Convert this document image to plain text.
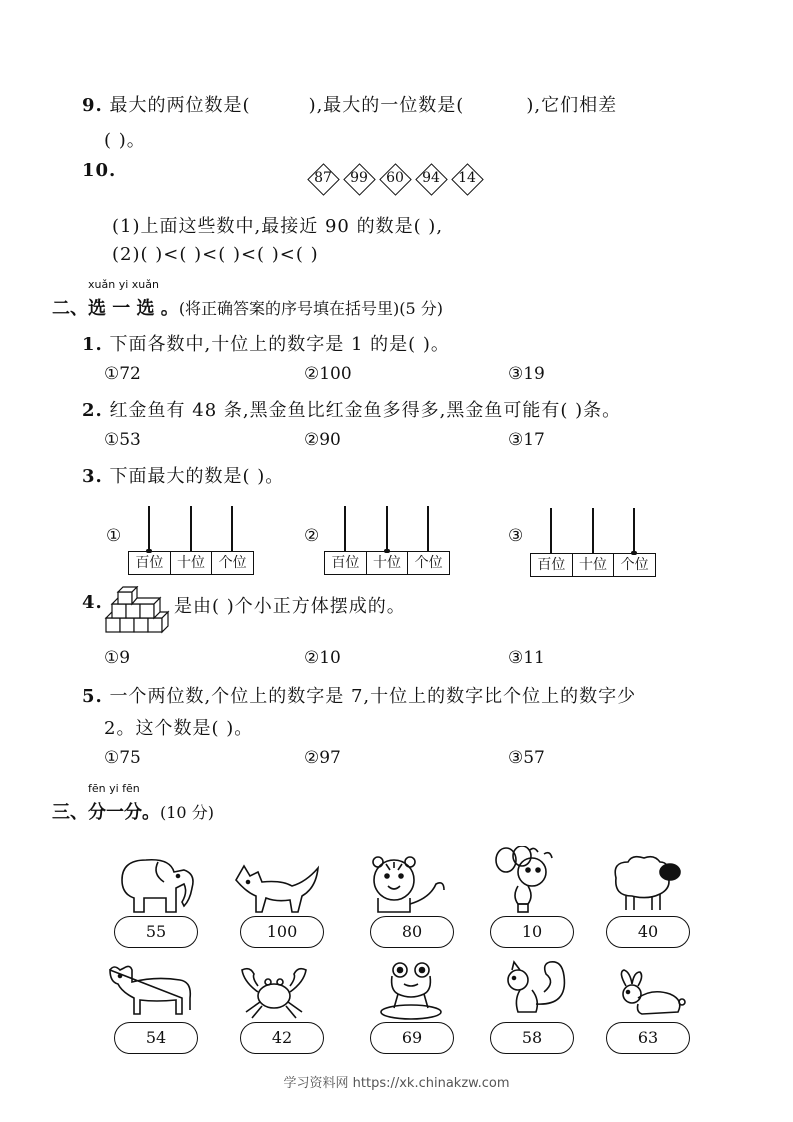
9. 最大的两位数是(	),最大的一位数是(	),它们相差
( )。
10.	87	99	60	94	14
(1)上面这些数中,最接近 90 的数是( ),
(2)( )<( )<( )<( )<( )
xuǎn yi xuǎn
二、选 一 选 。(将正确答案的序号填在括号里)(5 分)
1. 下面各数中,十位上的数字是 1 的是( )。
①72	②100	③19
2. 红金鱼有 48 条,黑金鱼比红金鱼多得多,黑金鱼可能有( )条。
①53	②90	③17
3. 下面最大的数是( )。
①
百位 十位 个位
②
百位 十位 个位
③
百位 十位 个位
4.	是由( )个小正方体摆成的。
①9	②10	③11
5. 一个两位数,个位上的数字是 7,十位上的数字比个位上的数字少
2。这个数是( )。
①75	②97	③57
fēn yi fēn
三、分一分。(10 分)
55	100	80	10	40
54	42	69	58	63
学习资料网 https://xk.chinakzw.com
